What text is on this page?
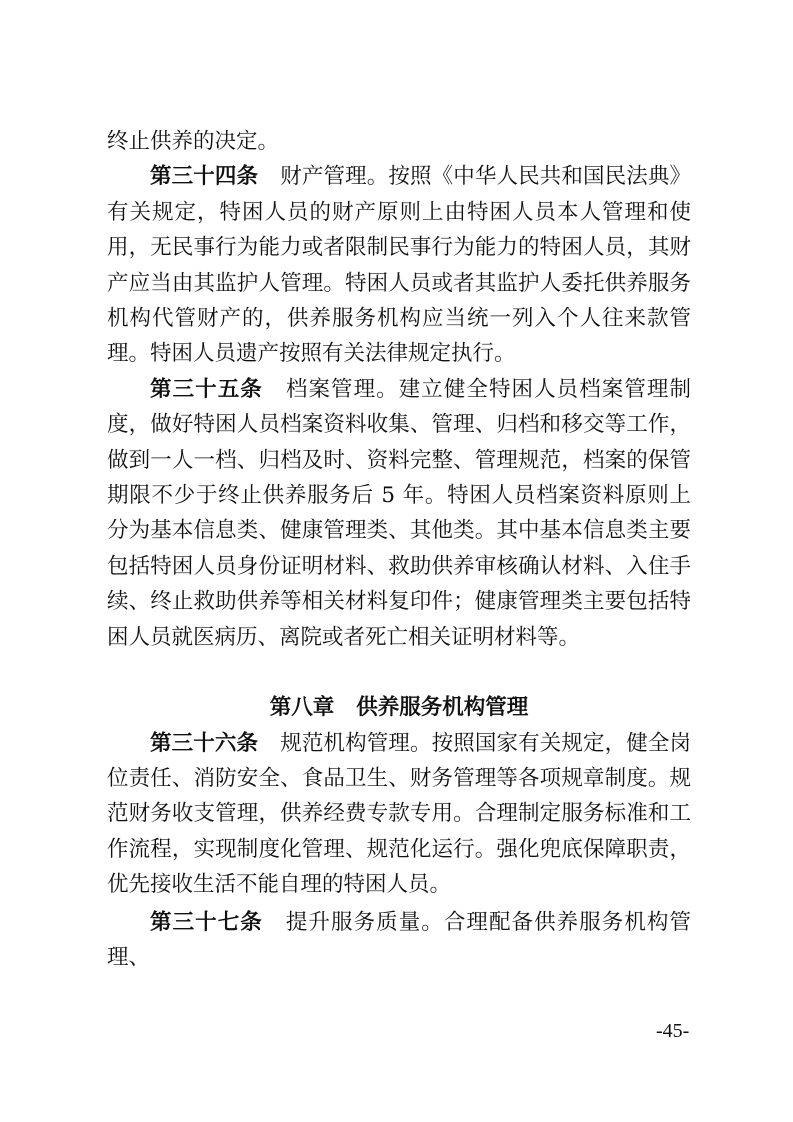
终止供养的决定。

第三十四条 财产管理。按照《中华人民共和国民法典》有关规定，特困人员的财产原则上由特困人员本人管理和使用，无民事行为能力或者限制民事行为能力的特困人员，其财产应当由其监护人管理。特困人员或者其监护人委托供养服务机构代管财产的，供养服务机构应当统一列入个人往来款管理。特困人员遗产按照有关法律规定执行。

第三十五条 档案管理。建立健全特困人员档案管理制度，做好特困人员档案资料收集、管理、归档和移交等工作，做到一人一档、归档及时、资料完整、管理规范，档案的保管期限不少于终止供养服务后 5 年。特困人员档案资料原则上分为基本信息类、健康管理类、其他类。其中基本信息类主要包括特困人员身份证明材料、救助供养审核确认材料、入住手续、终止救助供养等相关材料复印件；健康管理类主要包括特困人员就医病历、离院或者死亡相关证明材料等。

第八章 供养服务机构管理

第三十六条 规范机构管理。按照国家有关规定，健全岗位责任、消防安全、食品卫生、财务管理等各项规章制度。规范财务收支管理，供养经费专款专用。合理制定服务标准和工作流程，实现制度化管理、规范化运行。强化兜底保障职责，优先接收生活不能自理的特困人员。

第三十七条 提升服务质量。合理配备供养服务机构管理、

-45-
